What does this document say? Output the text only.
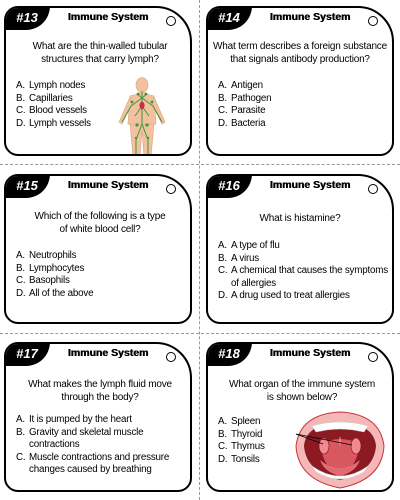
#13	Immune System
What are the thin-walled tubular structures that carry lymph?
A. Lymph nodes
B. Capillaries
C. Blood vessels
D. Lymph vessels
#14	Immune System
What term describes a foreign substance that signals antibody production?
A. Antigen
B. Pathogen
C. Parasite
D. Bacteria
#15	Immune System
Which of the following is a type of white blood cell?
A. Neutrophils
B. Lymphocytes
C. Basophils
D. All of the above
#16	Immune System
What is histamine?
A. A type of flu
B. A virus
C. A chemical that causes the symptoms of allergies
D. A drug used to treat allergies
#17	Immune System
What makes the lymph fluid move through the body?
A. It is pumped by the heart
B. Gravity and skeletal muscle contractions
C. Muscle contractions and pressure changes caused by breathing
#18	Immune System
What organ of the immune system is shown below?
A. Spleen
B. Thyroid
C. Thymus
D. Tonsils
